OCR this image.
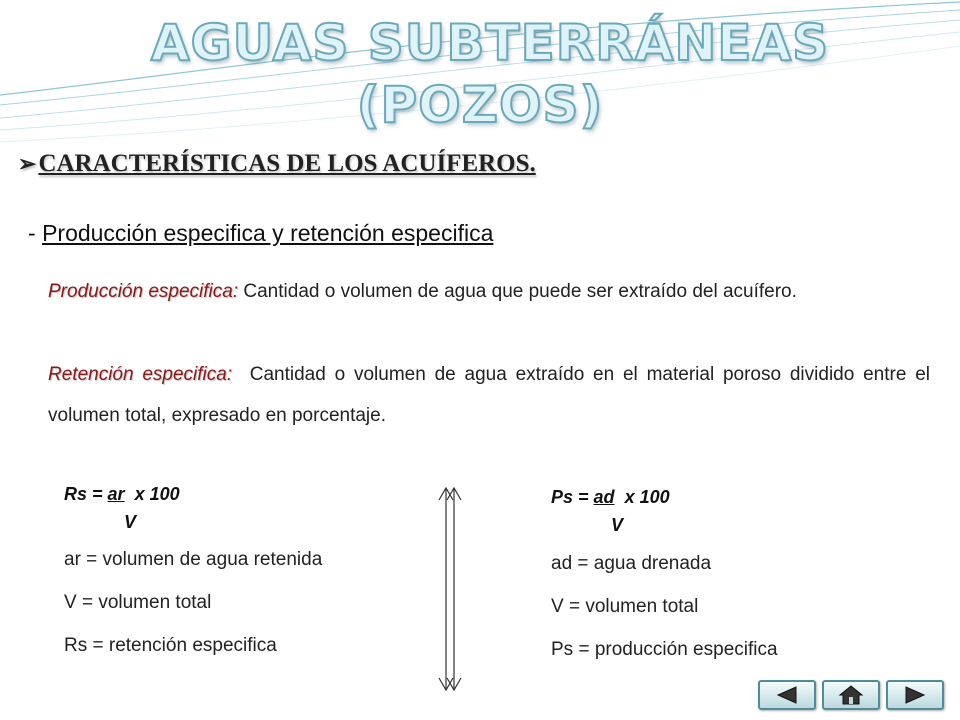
AGUAS SUBTERRÁNEAS
(POZOS)
➢ CARACTERÍSTICAS DE LOS ACUÍFEROS.
- Producción especifica y retención especifica
Producción especifica: Cantidad o volumen de agua que puede ser extraído del acuífero.
Retención especifica: Cantidad o volumen de agua extraído en el material poroso dividido entre el volumen total, expresado en porcentaje.
Rs = ar x 100
V
ar = volumen de agua retenida
V = volumen total
Rs = retención especifica
Ps = ad x 100
V
ad = agua drenada
V = volumen total
Ps = producción especifica
